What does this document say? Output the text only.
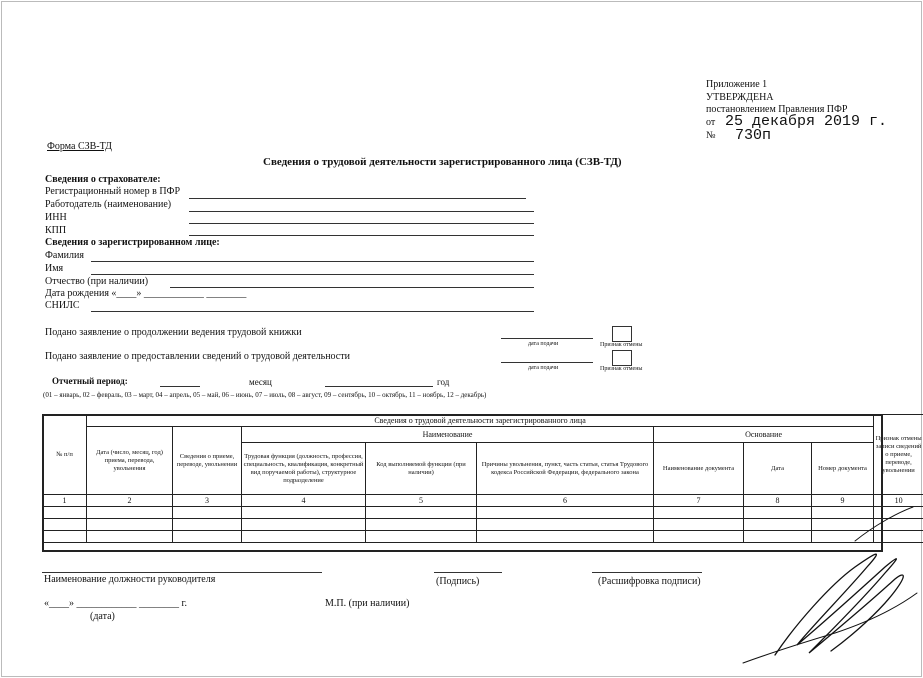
Приложение 1
УТВЕРЖДЕНА
постановлением Правления ПФР
от 25 декабря 2019 г.
№ 730п
Форма СЗВ-ТД
Сведения о трудовой деятельности зарегистрированного лица (СЗВ-ТД)
Сведения о страхователе:
Регистрационный номер в ПФР
Работодатель (наименование)
ИНН
КПП
Сведения о зарегистрированном лице:
Фамилия
Имя
Отчество (при наличии)
Дата рождения «____» ____________ ________
СНИЛС
Подано заявление о продолжении ведения трудовой книжки
дата подачи	Признак отмены
Подано заявление о предоставлении сведений о трудовой деятельности
дата подачи	Признак отмены
Отчетный период:	месяц	год
(01 – январь, 02 – февраль, 03 – март, 04 – апрель, 05 – май, 06 – июнь, 07 – июль, 08 – август, 09 – сентябрь, 10 – октябрь, 11 – ноябрь, 12 – декабрь)
№ п/п	Сведения о трудовой деятельности зарегистрированного лица								Признак отмены записи сведений о приеме, переводе, увольнении
	Дата (число, месяц, год) приема, перевода, увольнения	Сведения о приеме, переводе, увольнении	Наименование			Основание			
			Трудовая функция (должность, профессия, специальность, квалификация, конкретный вид поручаемой работы), структурное подразделение	Код выполняемой функции (при наличии)	Причины увольнения, пункт, часть статьи, статья Трудового кодекса Российской Федерации, федерального закона	Наименование документа	Дата	Номер документа	
1	2	3	4	5	6	7	8	9	10

Наименование должности руководителя	(Подпись)	(Расшифровка подписи)
«____» ____________ ________ г.
(дата)
М.П. (при наличии)
